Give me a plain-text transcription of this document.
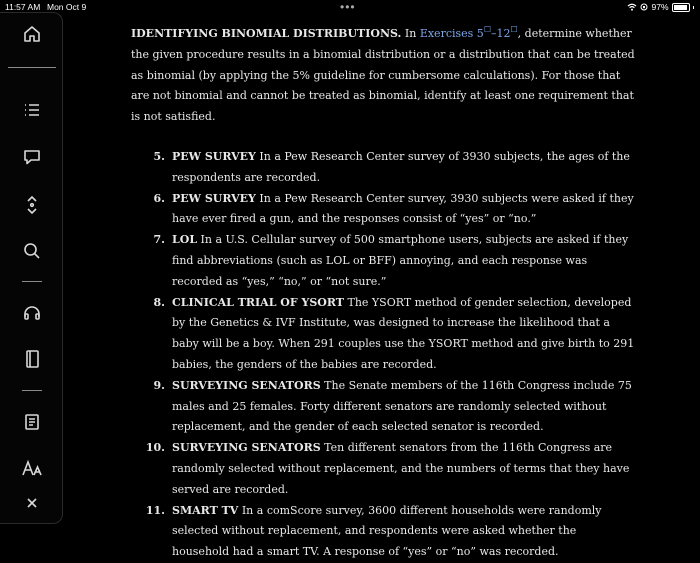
11:57 AM Mon Oct 9	•••	97%

IDENTIFYING BINOMIAL DISTRIBUTIONS. In Exercises 5☐–12☐, determine whether the given procedure results in a binomial distribution or a distribution that can be treated as binomial (by applying the 5% guideline for cumbersome calculations). For those that are not binomial and cannot be treated as binomial, identify at least one requirement that is not satisfied.

5. PEW SURVEY In a Pew Research Center survey of 3930 subjects, the ages of the respondents are recorded.
6. PEW SURVEY In a Pew Research Center survey, 3930 subjects were asked if they have ever fired a gun, and the responses consist of “yes” or “no.”
7. LOL In a U.S. Cellular survey of 500 smartphone users, subjects are asked if they find abbreviations (such as LOL or BFF) annoying, and each response was recorded as “yes,” “no,” or “not sure.”
8. CLINICAL TRIAL OF YSORT The YSORT method of gender selection, developed by the Genetics & IVF Institute, was designed to increase the likelihood that a baby will be a boy. When 291 couples use the YSORT method and give birth to 291 babies, the genders of the babies are recorded.
9. SURVEYING SENATORS The Senate members of the 116th Congress include 75 males and 25 females. Forty different senators are randomly selected without replacement, and the gender of each selected senator is recorded.
10. SURVEYING SENATORS Ten different senators from the 116th Congress are randomly selected without replacement, and the numbers of terms that they have served are recorded.
11. SMART TV In a comScore survey, 3600 different households were randomly selected without replacement, and respondents were asked whether the household had a smart TV. A response of “yes” or “no” was recorded.
